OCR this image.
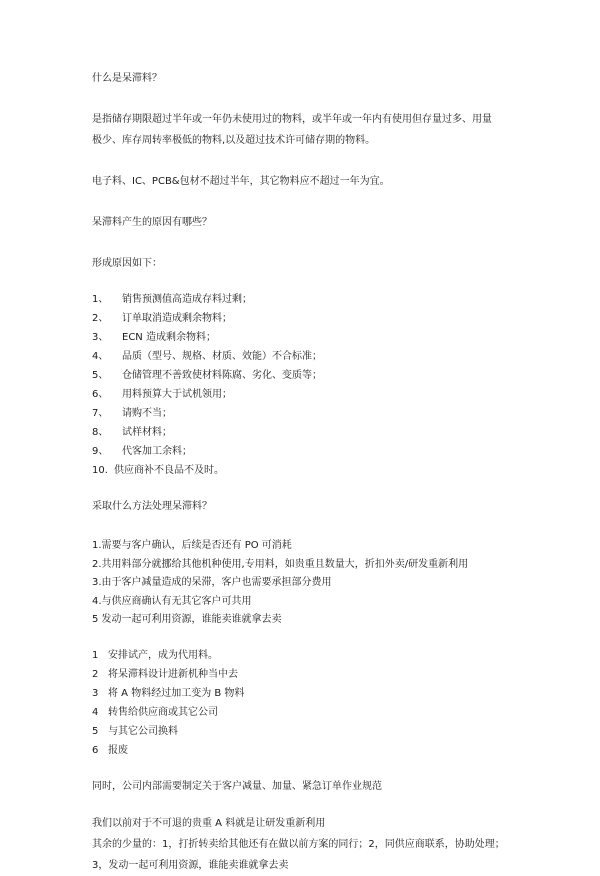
什么是呆滞料？

是指储存期限超过半年或一年仍未使用过的物料，或半年或一年内有使用但存量过多、用量

极少、库存周转率极低的物料,以及超过技术许可储存期的物料。

电子料、IC、PCB&包材不超过半年，其它物料应不超过一年为宜。

呆滞料产生的原因有哪些？

形成原因如下：

1、	销售预测值高造成存料过剩；
2、	订单取消造成剩余物料；
3、	ECN 造成剩余物料；
4、	品质（型号、规格、材质、效能）不合标准；
5、	仓储管理不善致使材料陈腐、劣化、变质等；
6、	用料预算大于试机领用；
7、	请购不当；
8、	试样材料；
9、	代客加工余料；
10. 供应商补不良品不及时。

采取什么方法处理呆滞料？

1.需要与客户确认，后续是否还有 PO 可消耗
2.共用料部分就挪给其他机种使用,专用料，如贵重且数量大，折扣外卖/研发重新利用
3.由于客户减量造成的呆滞，客户也需要承担部分费用
4.与供应商确认有无其它客户可共用
5 发动一起可利用资源，谁能卖谁就拿去卖
1 安排试产，成为代用料。
2 将呆滞料设计进新机种当中去
3 将 A 物料经过加工变为 B 物料
4 转售给供应商或其它公司
5 与其它公司换料
6 报废

同时，公司内部需要制定关于客户减量、加量、紧急订单作业规范

我们以前对于不可退的贵重 A 料就是让研发重新利用

其余的少量的：1，打折转卖给其他还有在做以前方案的同行；2，同供应商联系，协助处理；

3，发动一起可利用资源，谁能卖谁就拿去卖
